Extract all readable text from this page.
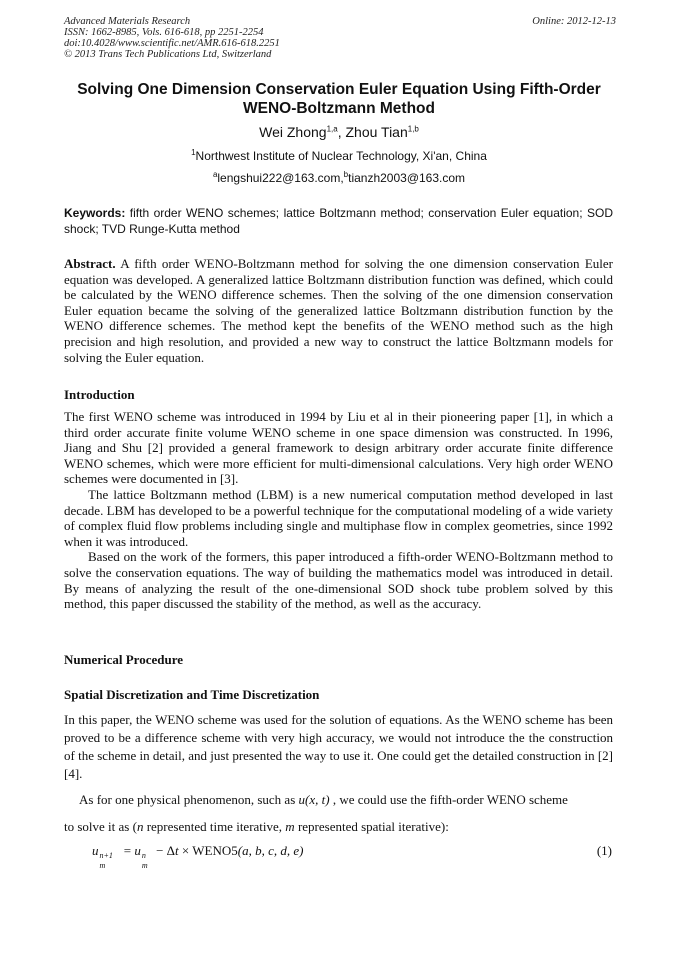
Advanced Materials Research	Online: 2012-12-13
ISSN: 1662-8985, Vols. 616-618, pp 2251-2254
doi:10.4028/www.scientific.net/AMR.616-618.2251
© 2013 Trans Tech Publications Ltd, Switzerland
Solving One Dimension Conservation Euler Equation Using Fifth-Order
WENO-Boltzmann Method
Wei Zhong$^{1,a}$, Zhou Tian$^{1,b}$
$^1$Northwest Institute of Nuclear Technology, Xi'an, China
$^a$lengshui222@163.com,$^b$tianzh2003@163.com
Keywords: fifth order WENO schemes; lattice Boltzmann method; conservation Euler equation; SOD shock; TVD Runge-Kutta method

Abstract. A fifth order WENO-Boltzmann method for solving the one dimension conservation Euler equation was developed. A generalized lattice Boltzmann distribution function was defined, which could be calculated by the WENO difference schemes. Then the solving of the one dimension conservation Euler equation became the solving of the generalized lattice Boltzmann distribution function by the WENO difference schemes. The method kept the benefits of the WENO method such as the high precision and high resolution, and provided a new way to construct the lattice Boltzmann models for solving the Euler equation.

Introduction

The first WENO scheme was introduced in 1994 by Liu et al in their pioneering paper [1], in which a third order accurate finite volume WENO scheme in one space dimension was constructed. In 1996, Jiang and Shu [2] provided a general framework to design arbitrary order accurate finite difference WENO schemes, which were more efficient for multi-dimensional calculations. Very high order WENO schemes were documented in [3].

The lattice Boltzmann method (LBM) is a new numerical computation method developed in last decade. LBM has developed to be a powerful technique for the computational modeling of a wide variety of complex fluid flow problems including single and multiphase flow in complex geometries, since 1992 when it was introduced.

Based on the work of the formers, this paper introduced a fifth-order WENO-Boltzmann method to solve the conservation equations. The way of building the mathematics model was introduced in detail. By means of analyzing the result of the one-dimensional SOD shock tube problem solved by this method, this paper discussed the stability of the method, as well as the accuracy.

Numerical Procedure
Spatial Discretization and Time Discretization
In this paper, the WENO scheme was used for the solution of equations. As the WENO scheme has been proved to be a difference scheme with very high accuracy, we would not introduce the the construction of the scheme in detail, and just presented the way to use it. One could get the detailed construction in [2] [4].
As for one physical phenomenon, such as u(x, t) , we could use the fifth-order WENO scheme
to solve it as (n represented time iterative, m represented spatial iterative):
u n+1
m
= u n
m
− Δt × WENO5(a, b, c, d, e)	(1)
